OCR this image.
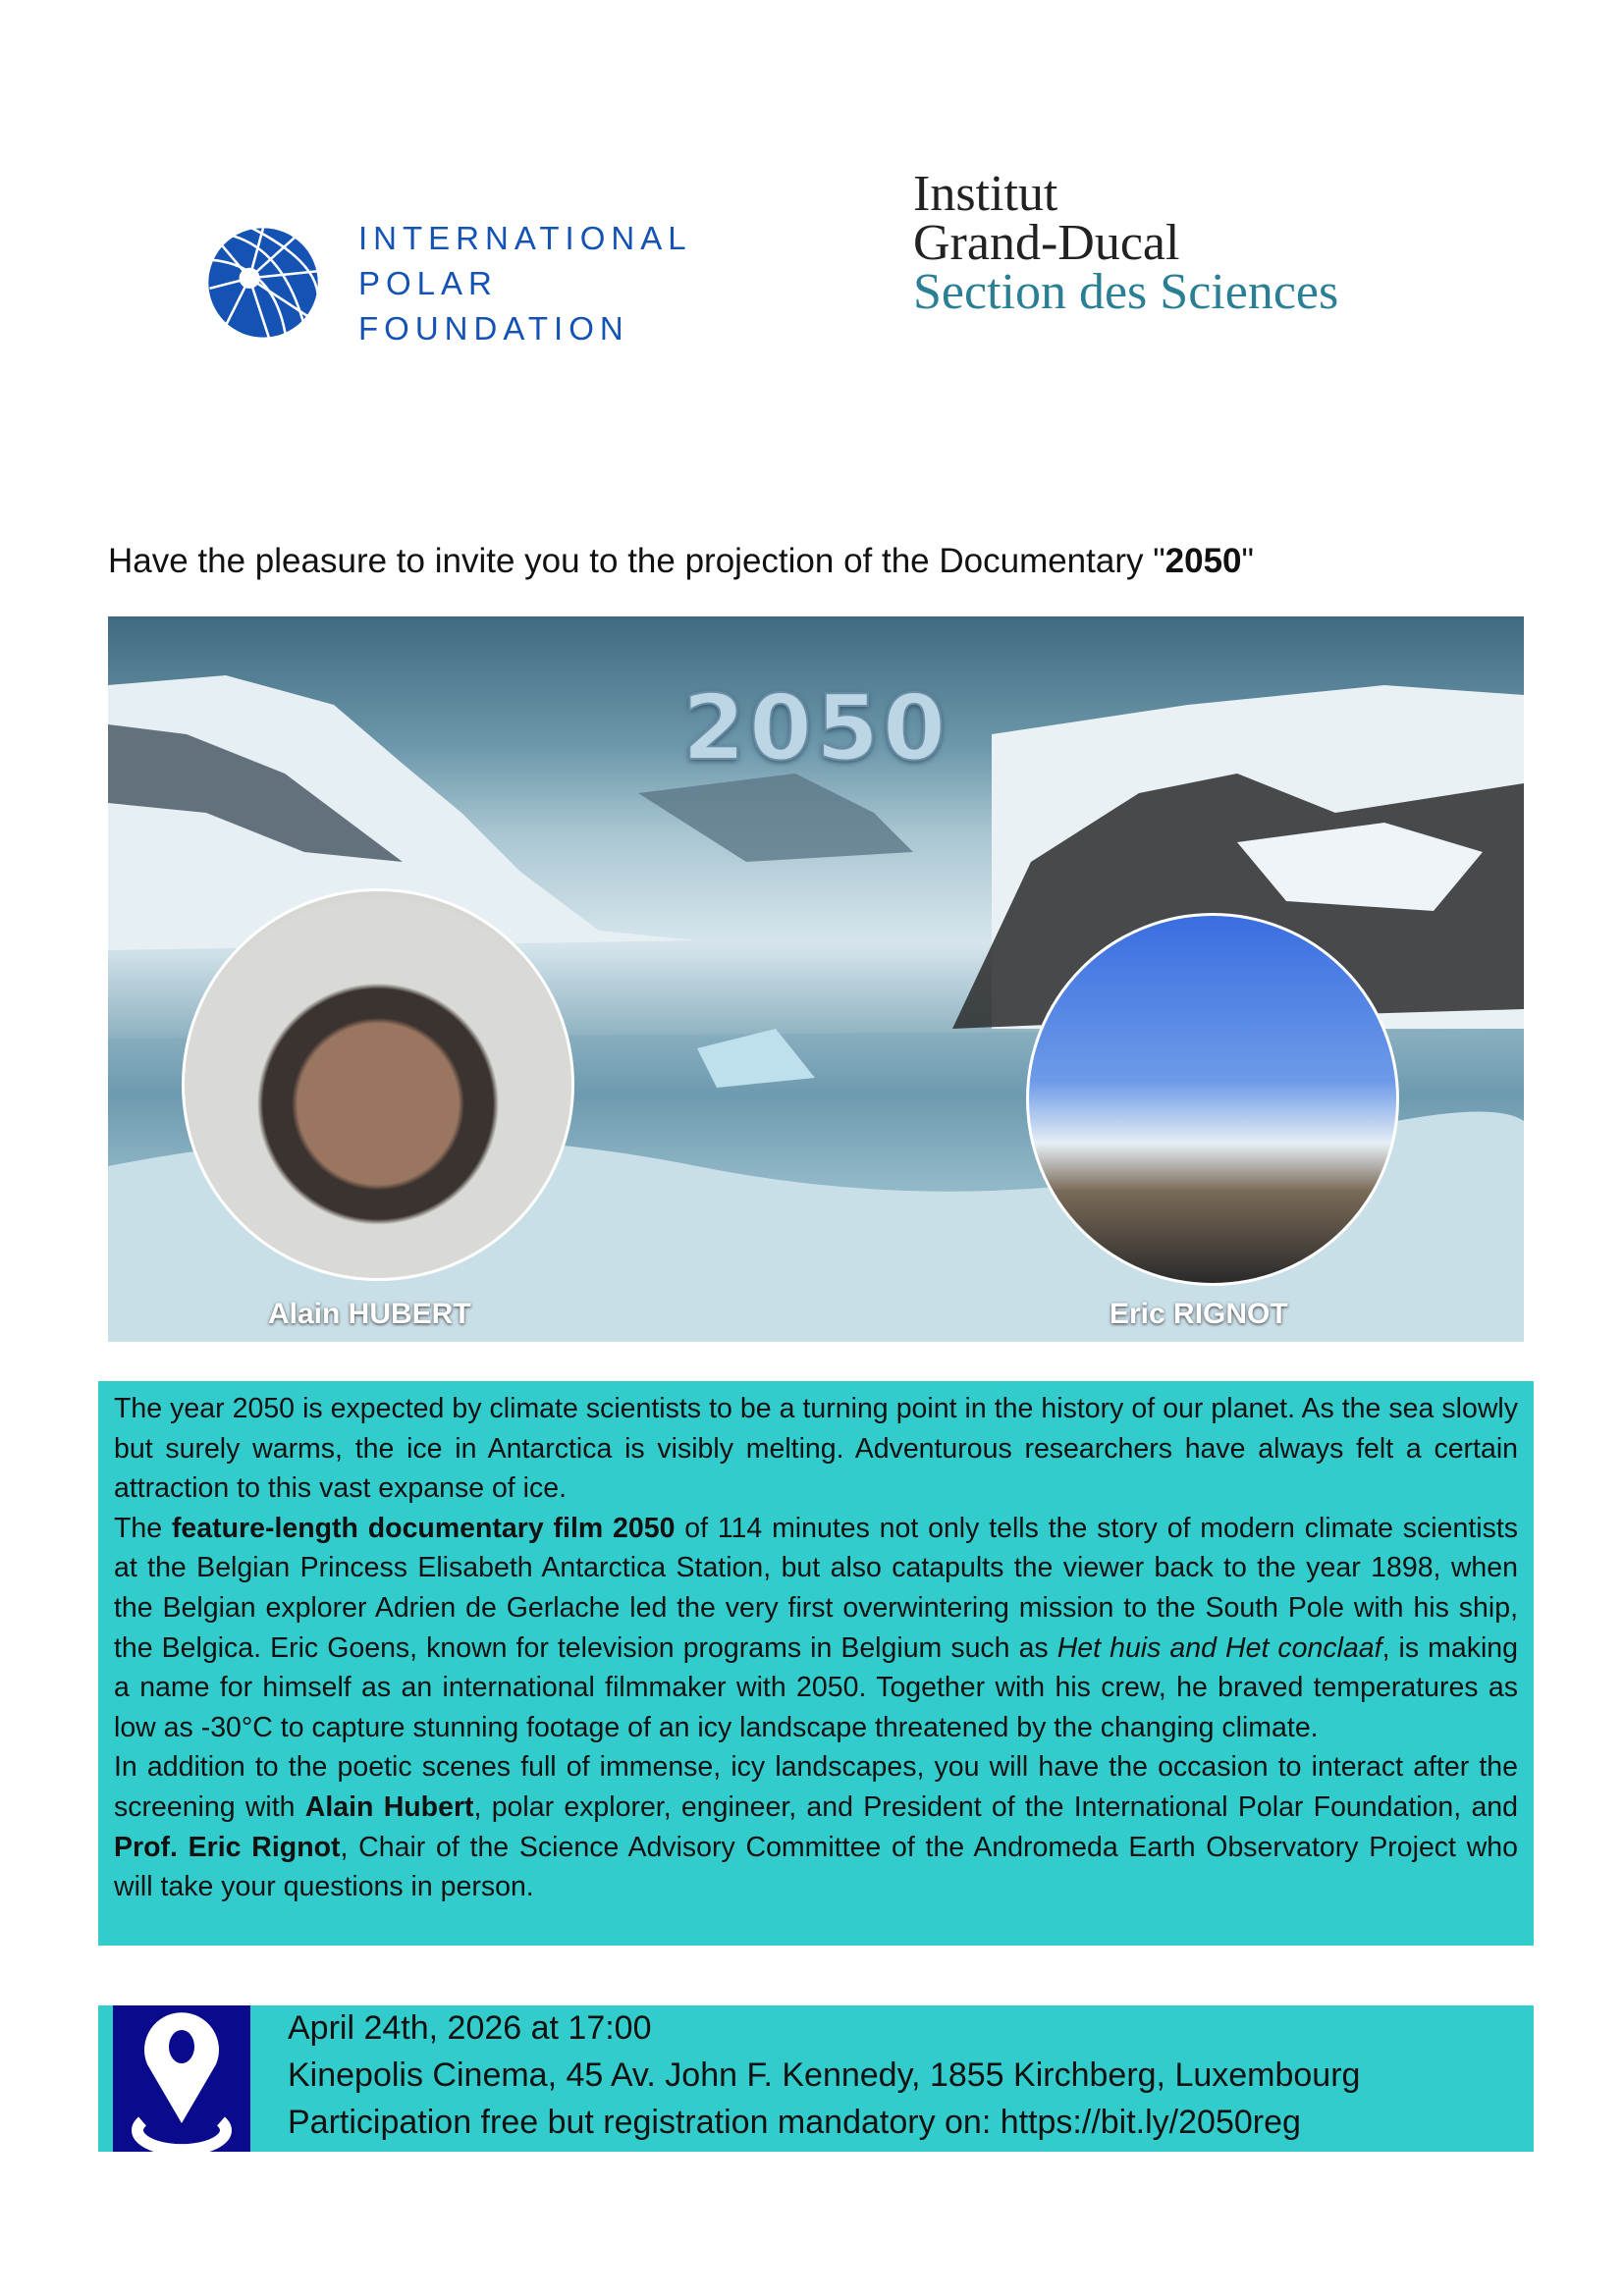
INTERNATIONAL
POLAR
FOUNDATION
Institut
Grand-Ducal
Section des Sciences
Have the pleasure to invite you to the projection of the Documentary "2050"
2050
Alain HUBERT	Eric RIGNOT

The year 2050 is expected by climate scientists to be a turning point in the history of our planet. As the sea slowly but surely warms, the ice in Antarctica is visibly melting. Adventurous researchers have always felt a certain attraction to this vast expanse of ice.

The feature-length documentary film 2050 of 114 minutes not only tells the story of modern climate scientists at the Belgian Princess Elisabeth Antarctica Station, but also catapults the viewer back to the year 1898, when the Belgian explorer Adrien de Gerlache led the very first overwintering mission to the South Pole with his ship, the Belgica. Eric Goens, known for television programs in Belgium such as Het huis and Het conclaaf, is making a name for himself as an international filmmaker with 2050. Together with his crew, he braved temperatures as low as -30°C to capture stunning footage of an icy landscape threatened by the changing climate.

In addition to the poetic scenes full of immense, icy landscapes, you will have the occasion to interact after the screening with Alain Hubert, polar explorer, engineer, and President of the International Polar Foundation, and Prof. Eric Rignot, Chair of the Science Advisory Committee of the Andromeda Earth Observatory Project who will take your questions in person.

April 24th, 2026 at 17:00
Kinepolis Cinema, 45 Av. John F. Kennedy, 1855 Kirchberg, Luxembourg
Participation free but registration mandatory on: https://bit.ly/2050reg
